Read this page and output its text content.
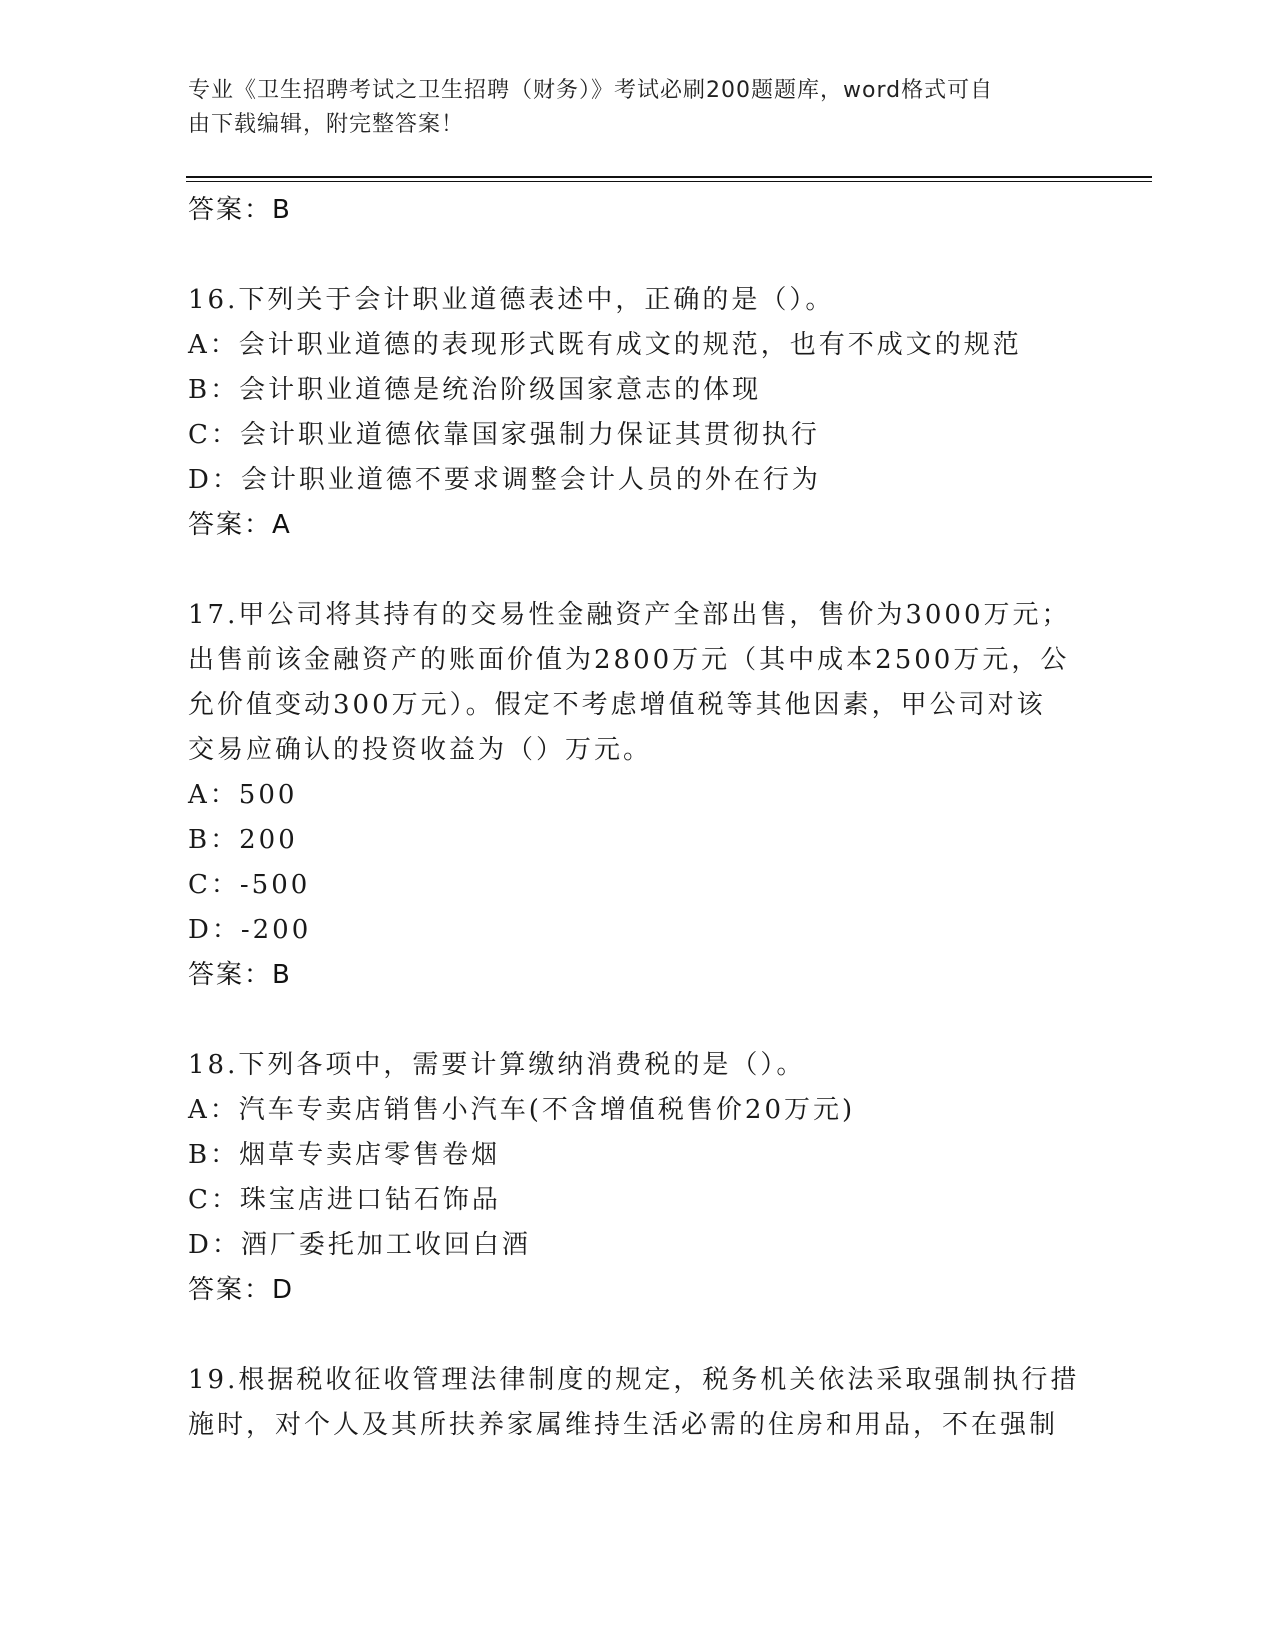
专业《卫生招聘考试之卫生招聘（财务）》考试必刷200题题库，word格式可自
由下载编辑，附完整答案！
答案：B
16.下列关于会计职业道德表述中，正确的是（）。
A：会计职业道德的表现形式既有成文的规范，也有不成文的规范
B：会计职业道德是统治阶级国家意志的体现
C：会计职业道德依靠国家强制力保证其贯彻执行
D：会计职业道德不要求调整会计人员的外在行为
答案：A
17.甲公司将其持有的交易性金融资产全部出售，售价为3000万元；
出售前该金融资产的账面价值为2800万元（其中成本2500万元，公
允价值变动300万元）。假定不考虑增值税等其他因素，甲公司对该
交易应确认的投资收益为（）万元。
A：500
B：200
C：-500
D：-200
答案：B
18.下列各项中，需要计算缴纳消费税的是（）。
A：汽车专卖店销售小汽车(不含增值税售价20万元)
B：烟草专卖店零售卷烟
C：珠宝店进口钻石饰品
D：酒厂委托加工收回白酒
答案：D
19.根据税收征收管理法律制度的规定，税务机关依法采取强制执行措
施时，对个人及其所扶养家属维持生活必需的住房和用品，不在强制
